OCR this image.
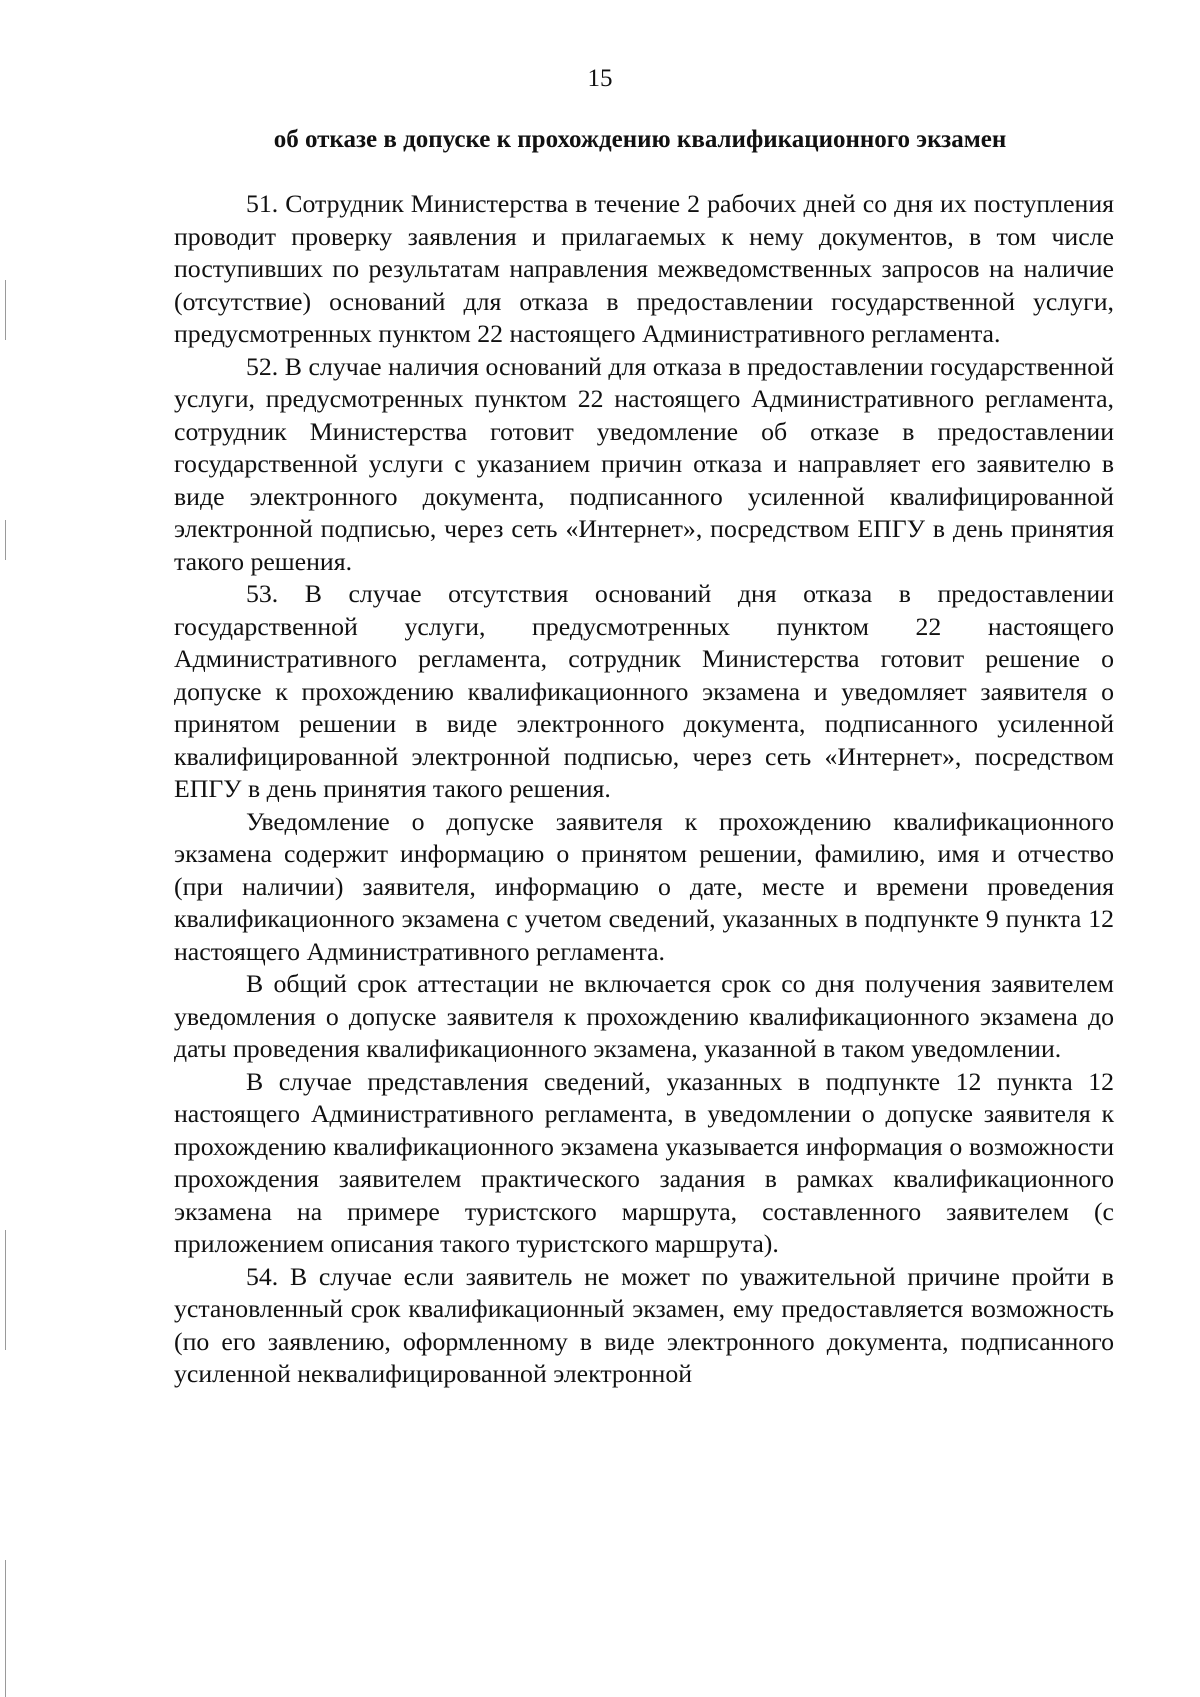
15
об отказе в допуске к прохождению квалификационного экзамен

51. Сотрудник Министерства в течение 2 рабочих дней со дня их поступления проводит проверку заявления и прилагаемых к нему документов, в том числе поступивших по результатам направления межведомственных запросов на наличие (отсутствие) оснований для отказа в предоставлении государственной услуги, предусмотренных пунктом 22 настоящего Административного регламента.

52. В случае наличия оснований для отказа в предоставлении государственной услуги, предусмотренных пунктом 22 настоящего Административного регламента, сотрудник Министерства готовит уведомление об отказе в предоставлении государственной услуги с указанием причин отказа и направляет его заявителю в виде электронного документа, подписанного усиленной квалифицированной электронной подписью, через сеть «Интернет», посредством ЕПГУ в день принятия такого решения.

53. В случае отсутствия оснований дня отказа в предоставлении государственной услуги, предусмотренных пунктом 22 настоящего Административного регламента, сотрудник Министерства готовит решение о допуске к прохождению квалификационного экзамена и уведомляет заявителя о принятом решении в виде электронного документа, подписанного усиленной квалифицированной электронной подписью, через сеть «Интернет», посредством ЕПГУ в день принятия такого решения.

Уведомление о допуске заявителя к прохождению квалификационного экзамена содержит информацию о принятом решении, фамилию, имя и отчество (при наличии) заявителя, информацию о дате, месте и времени проведения квалификационного экзамена с учетом сведений, указанных в подпункте 9 пункта 12 настоящего Административного регламента.

В общий срок аттестации не включается срок со дня получения заявителем уведомления о допуске заявителя к прохождению квалификационного экзамена до даты проведения квалификационного экзамена, указанной в таком уведомлении.

В случае представления сведений, указанных в подпункте 12 пункта 12 настоящего Административного регламента, в уведомлении о допуске заявителя к прохождению квалификационного экзамена указывается информация о возможности прохождения заявителем практического задания в рамках квалификационного экзамена на примере туристского маршрута, составленного заявителем (с приложением описания такого туристского маршрута).

54. В случае если заявитель не может по уважительной причине пройти в установленный срок квалификационный экзамен, ему предоставляется возможность (по его заявлению, оформленному в виде электронного документа, подписанного усиленной неквалифицированной электронной
